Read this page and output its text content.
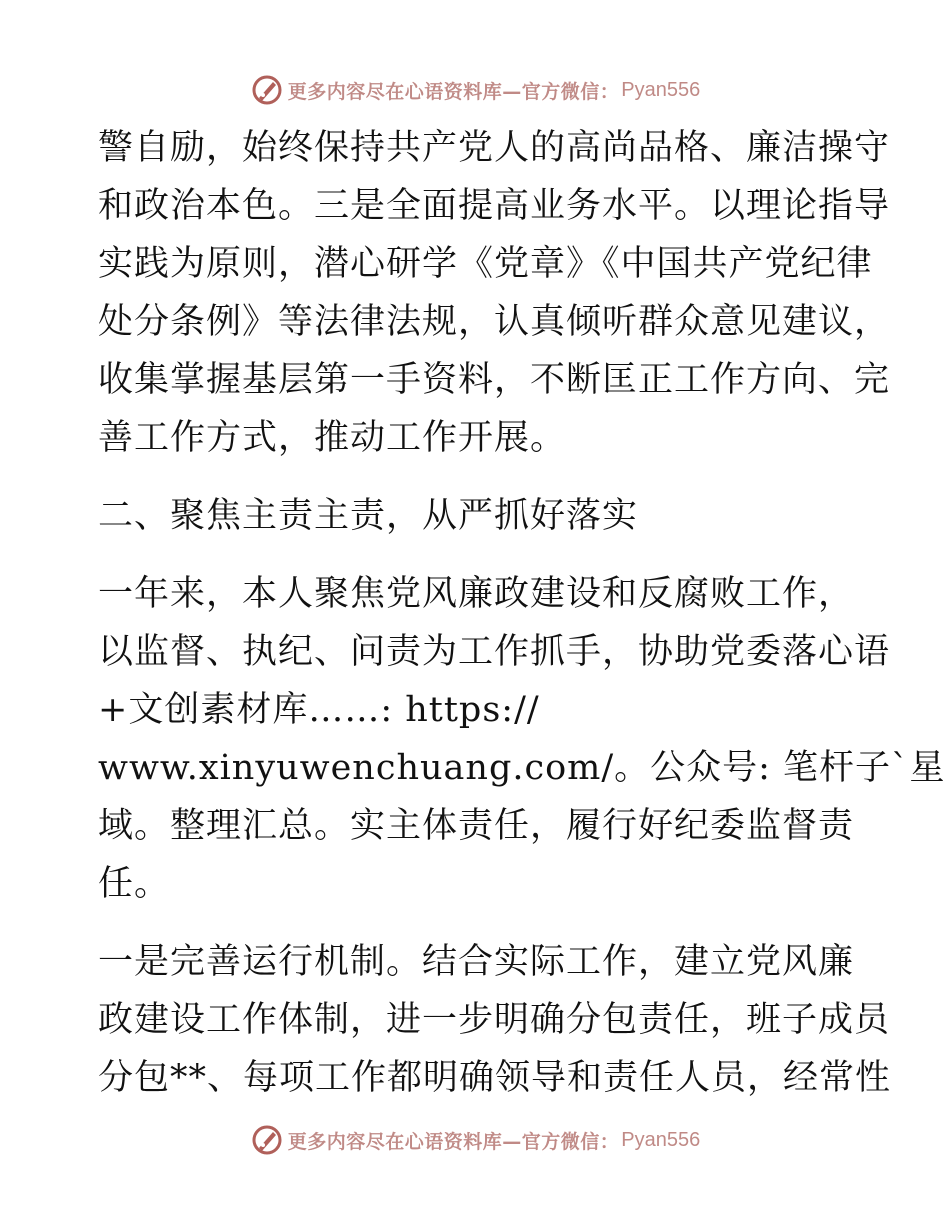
更多内容尽在心语资料库—官方微信： Pyan556
警自励，始终保持共产党人的高尚品格、廉洁操守
和政治本色。三是全面提高业务水平。以理论指导
实践为原则，潜心研学《党章》《中国共产党纪律
处分条例》等法律法规，认真倾听群众意见建议，
收集掌握基层第一手资料，不断匡正工作方向、完
善工作方式，推动工作开展。
二、聚焦主责主责，从严抓好落实
一年来，本人聚焦党风廉政建设和反腐败工作，
以监督、执纪、问责为工作抓手，协助党委落心语
+文创素材库……: https://
www.xinyuwenchuang.com/。公众号: 笔杆子`星
域。整理汇总。实主体责任，履行好纪委监督责
任。
一是完善运行机制。结合实际工作，建立党风廉
政建设工作体制，进一步明确分包责任，班子成员
分包**、每项工作都明确领导和责任人员，经常性
更多内容尽在心语资料库—官方微信： Pyan556
